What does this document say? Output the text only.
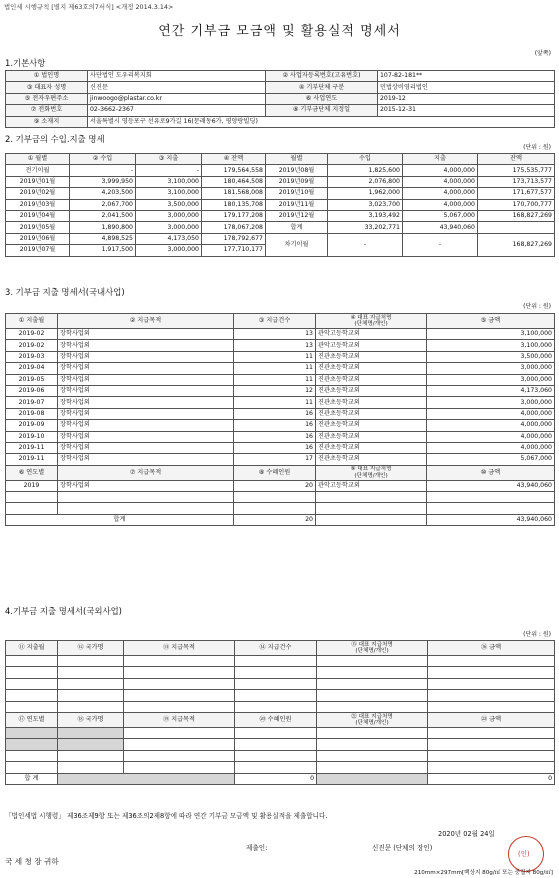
법인세 시행규칙 [별지 제63호의7서식] <개정 2014.3.14>
연간 기부금 모금액 및 활용실적 명세서
(앞쪽)
1.기본사항
① 법인명	사단법인 도우리복지회	② 사업자등록번호(고유번호)	107-82-181**
③ 대표자 성명	신진문	④ 기부단체 구분	민법상비영리법인
⑤ 전자우편주소	jinwoogo@plastar.co.kr	⑥ 사업연도	2019-12
⑦ 전화번호	02-3662-2367	⑧ 기부금단체 지정일	2015-12-31
⑨ 소재지	서울특별시 영등포구 선유로9가길 16(문래동6가, 평양랑빌딩)		
2. 기부금의 수입.지출 명세
(단위 : 원)
① 월별	② 수입	③ 지출	④ 잔액	월별	수입	지출	잔액
전기이월	-	-	179,564,558	2019년08월	1,825,600	4,000,000	175,535,777
2019년01월	3,999,950	3,100,000	180,464,508	2019년09월	2,076,800	4,000,000	173,713,577
2019년02월	4,203,500	3,100,000	181,568,008	2019년10월	1,962,000	4,000,000	171,677,577
2019년03월	2,067,700	3,500,000	180,135,708	2019년11월	3,023,700	4,000,000	170,700,777
2019년04월	2,041,500	3,000,000	179,177,208	2019년12월	3,193,492	5,067,000	168,827,269
2019년05월	1,890,800	3,000,000	178,067,208	합계	33,202,771	43,940,060	
2019년06월	4,898,525	4,173,050	178,792,677	차기이월	-	-	168,827,269
2019년07월	1,917,500	3,000,000	177,710,177				
3. 기부금 지출 명세서(국내사업)
(단위 : 원)
① 지출월	② 지급목적	③ 지급건수	④ 대표 지급처명
(단체명/개인)	⑤ 금액
2019-02	장학사업외	13	관악고등학교외	3,100,000
2019-02	장학사업외	13	관악고등학교외	3,100,000
2019-03	장학사업외	11	진관초등학교외	3,500,000
2019-04	장학사업외	11	진관초등학교외	3,000,000
2019-05	장학사업외	11	진관초등학교외	3,000,000
2019-06	장학사업외	12	진관초등학교외	4,173,060
2019-07	장학사업외	11	진관초등학교외	3,000,000
2019-08	장학사업외	16	진관초등학교외	4,000,000
2019-09	장학사업외	16	진관초등학교외	4,000,000
2019-10	장학사업외	16	진관초등학교외	4,000,000
2019-11	장학사업외	16	진관초등학교외	4,000,000
2019-11	장학사업외	17	진관초등학교외	5,067,000
⑥ 연도별	⑦ 지급목적	⑧ 수혜인원	⑨ 대표 지급처명
(단체명/개인)	⑩ 금액
2019	장학사업외	20	관악고등학교외	43,940,060

합계		20		43,940,060
4.기부금 지출 명세서(국외사업)
(단위 : 원)
⑪ 지출월	⑫ 국가명	⑬ 지급목적	⑭ 지급건수	⑮ 대표 지급처명
(단체명/개인)	⑯ 금액

⑰ 연도별	⑱ 국가명	⑲ 지급목적	⑳ 수혜인원	㉑ 대표 지급처명
(단체명/개인)	㉒ 금액

합 계			0		0
「법인세법 시행령」 제36조제9항 또는 제36조의2제8항에 따라 연간 기부금 모금액 및 활용실적을 제출합니다.
2020년 02월 24일
제출인:	신진문 (단체의 장인)
(인)
국 세 청 장 귀하
210mm×297mm[백상지 80g/㎡ 또는 중질지 80g/㎡]
